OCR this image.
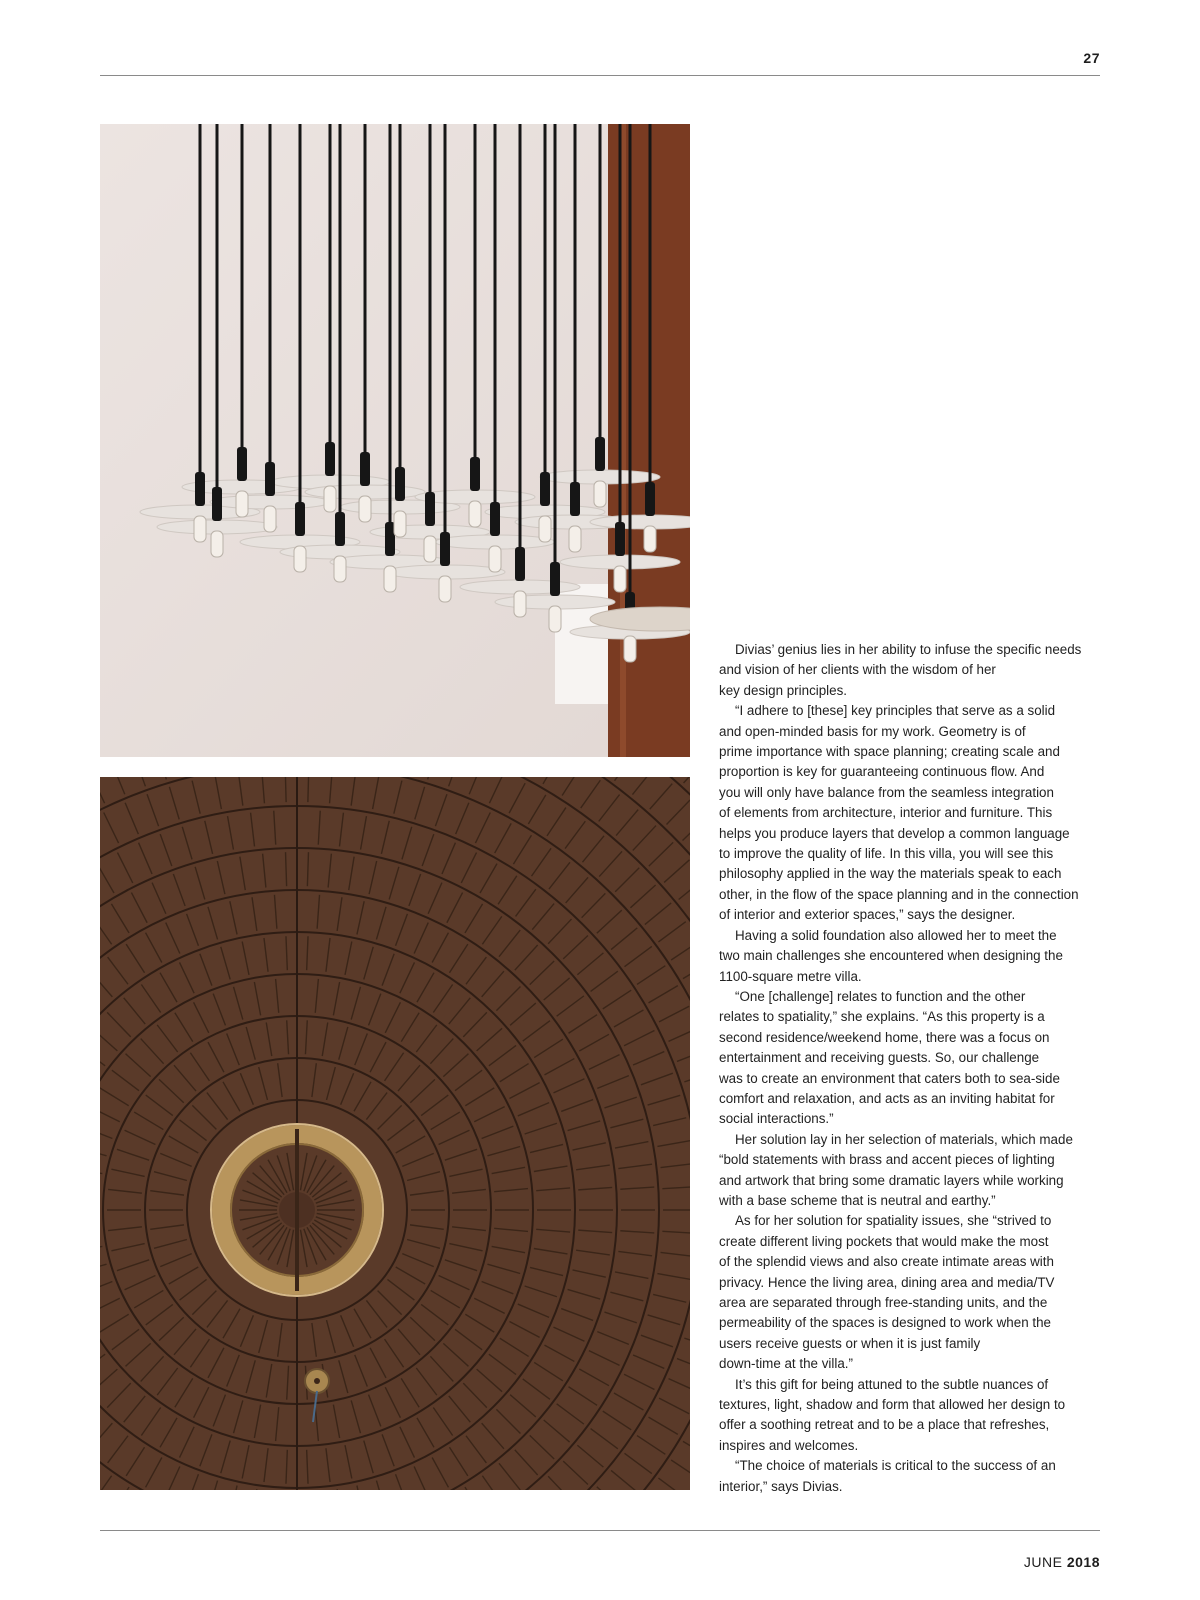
27

Divias’ genius lies in her ability to infuse the specific needs
and vision of her clients with the wisdom of her
key design principles.

“I adhere to [these] key principles that serve as a solid
and open-minded basis for my work. Geometry is of
prime importance with space planning; creating scale and
proportion is key for guaranteeing continuous flow. And
you will only have balance from the seamless integration
of elements from architecture, interior and furniture. This
helps you produce layers that develop a common language
to improve the quality of life. In this villa, you will see this
philosophy applied in the way the materials speak to each
other, in the flow of the space planning and in the connection
of interior and exterior spaces,” says the designer.

Having a solid foundation also allowed her to meet the
two main challenges she encountered when designing the
1100-square metre villa.

“One [challenge] relates to function and the other
relates to spatiality,” she explains. “As this property is a
second residence/weekend home, there was a focus on
entertainment and receiving guests. So, our challenge
was to create an environment that caters both to sea-side
comfort and relaxation, and acts as an inviting habitat for
social interactions.”

Her solution lay in her selection of materials, which made
“bold statements with brass and accent pieces of lighting
and artwork that bring some dramatic layers while working
with a base scheme that is neutral and earthy.”

As for her solution for spatiality issues, she “strived to
create different living pockets that would make the most
of the splendid views and also create intimate areas with
privacy. Hence the living area, dining area and media/TV
area are separated through free-standing units, and the
permeability of the spaces is designed to work when the
users receive guests or when it is just family
down-time at the villa.”

It’s this gift for being attuned to the subtle nuances of
textures, light, shadow and form that allowed her design to
offer a soothing retreat and to be a place that refreshes,
inspires and welcomes.

“The choice of materials is critical to the success of an
interior,” says Divias.

JUNE 2018
